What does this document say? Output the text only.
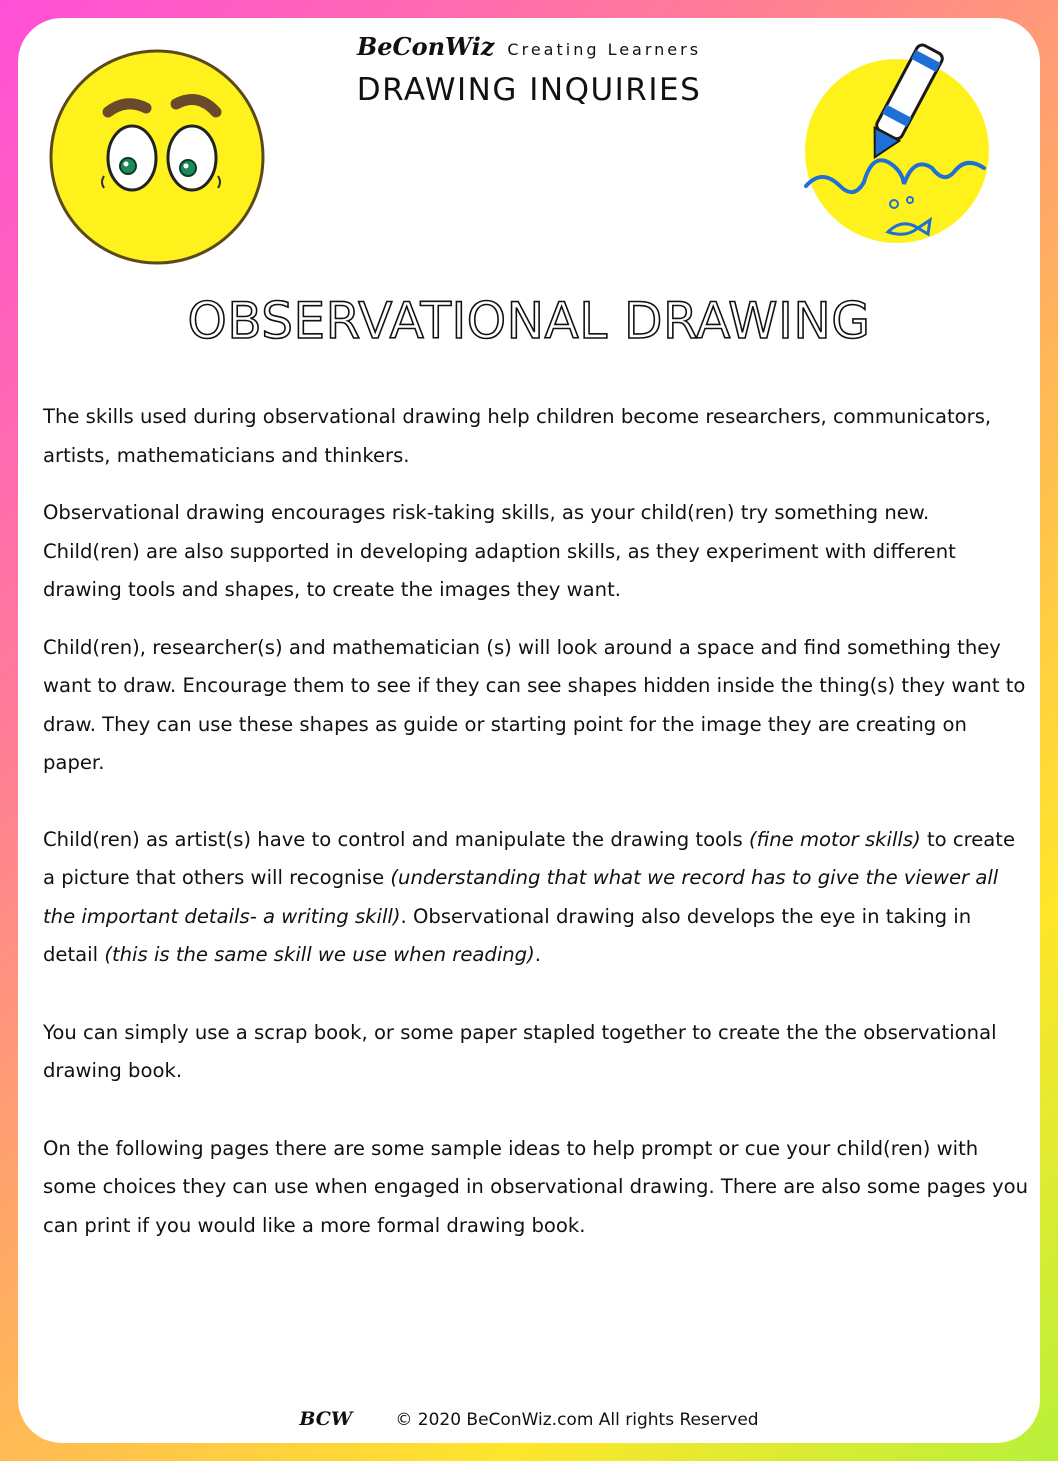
BeConWiz Creating Learners
DRAWING INQUIRIES
OBSERVATIONAL DRAWING

The skills used during observational drawing help children become researchers, communicators, artists, mathematicians and thinkers.

Observational drawing encourages risk-taking skills, as your child(ren) try something new. Child(ren) are also supported in developing adaption skills, as they experiment with different drawing tools and shapes, to create the images they want.

Child(ren), researcher(s) and mathematician (s) will look around a space and find something they want to draw. Encourage them to see if they can see shapes hidden inside the thing(s) they want to draw. They can use these shapes as guide or starting point for the image they are creating on paper.

Child(ren) as artist(s) have to control and manipulate the drawing tools (fine motor skills) to create a picture that others will recognise (understanding that what we record has to give the viewer all the important details- a writing skill). Observational drawing also develops the eye in taking in detail (this is the same skill we use when reading).

You can simply use a scrap book, or some paper stapled together to create the the observational drawing book.

On the following pages there are some sample ideas to help prompt or cue your child(ren) with some choices they can use when engaged in observational drawing. There are also some pages you can print if you would like a more formal drawing book.

BCW	© 2020 BeConWiz.com All rights Reserved
